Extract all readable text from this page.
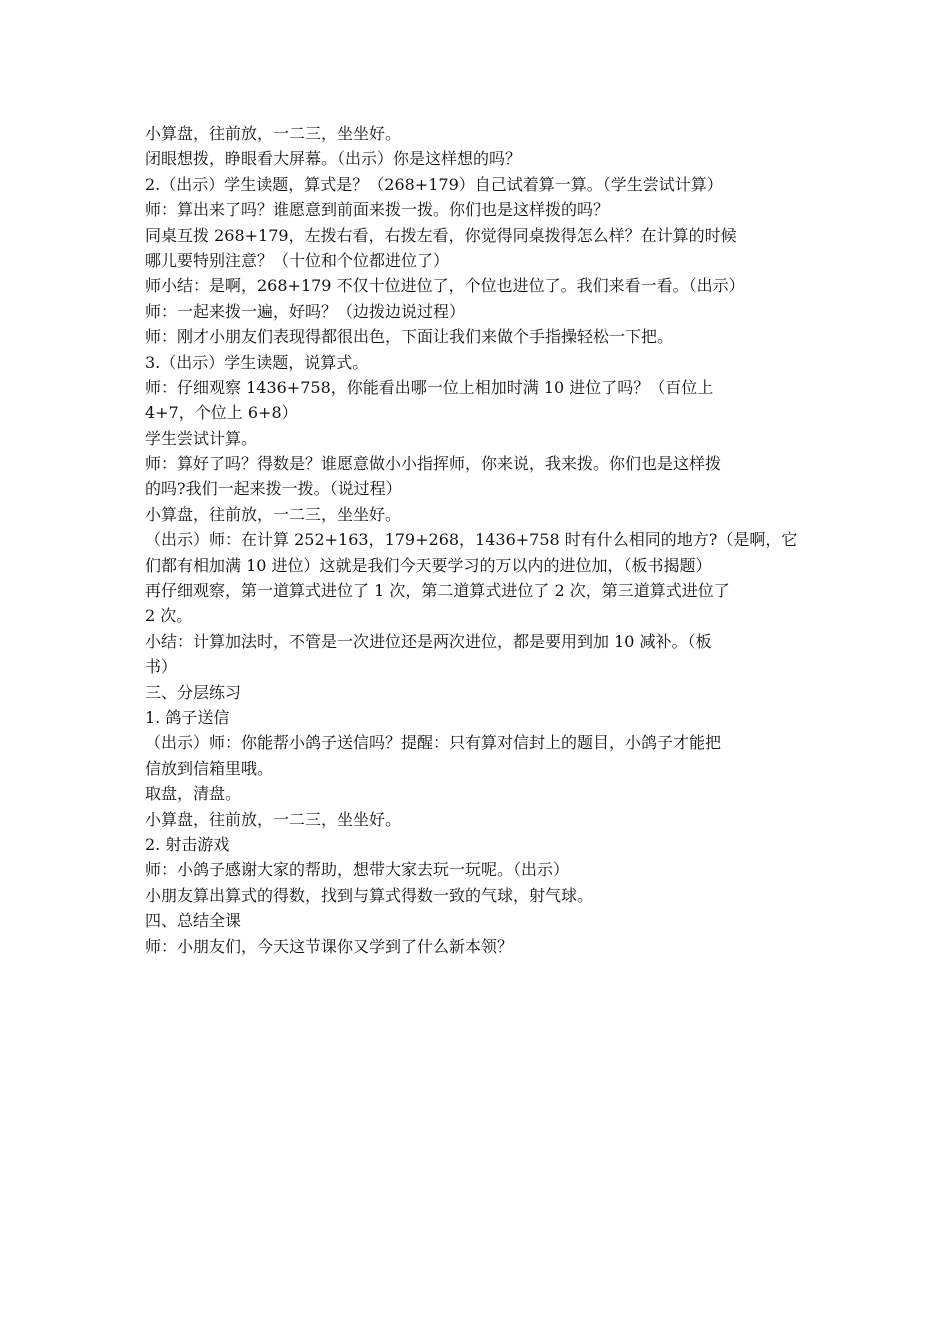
小算盘，往前放，一二三，坐坐好。
闭眼想拨，睁眼看大屏幕。（出示）你是这样想的吗？
2.（出示）学生读题，算式是？（268+179）自己试着算一算。（学生尝试计算）
师：算出来了吗？谁愿意到前面来拨一拨。你们也是这样拨的吗？
同桌互拨 268+179，左拨右看，右拨左看，你觉得同桌拨得怎么样？在计算的时候
哪儿要特别注意？（十位和个位都进位了）
师小结：是啊，268+179 不仅十位进位了，个位也进位了。我们来看一看。（出示）
师：一起来拨一遍，好吗？（边拨边说过程）
师：刚才小朋友们表现得都很出色，下面让我们来做个手指操轻松一下把。
3.（出示）学生读题，说算式。
师：仔细观察 1436+758，你能看出哪一位上相加时满 10 进位了吗？（百位上
4+7，个位上 6+8）
学生尝试计算。
师：算好了吗？得数是？谁愿意做小小指挥师，你来说，我来拨。你们也是这样拨
的吗?我们一起来拨一拨。（说过程）
小算盘，往前放，一二三，坐坐好。
（出示）师：在计算 252+163，179+268，1436+758 时有什么相同的地方?（是啊，它
们都有相加满 10 进位）这就是我们今天要学习的万以内的进位加，（板书揭题）
再仔细观察，第一道算式进位了 1 次，第二道算式进位了 2 次，第三道算式进位了
2 次。
小结：计算加法时，不管是一次进位还是两次进位，都是要用到加 10 减补。（板
书）
三、分层练习
1. 鸽子送信
（出示）师：你能帮小鸽子送信吗？提醒：只有算对信封上的题目，小鸽子才能把
信放到信箱里哦。
取盘，清盘。
小算盘，往前放，一二三，坐坐好。
2. 射击游戏
师：小鸽子感谢大家的帮助，想带大家去玩一玩呢。（出示）
小朋友算出算式的得数，找到与算式得数一致的气球，射气球。
四、总结全课
师：小朋友们，今天这节课你又学到了什么新本领？
